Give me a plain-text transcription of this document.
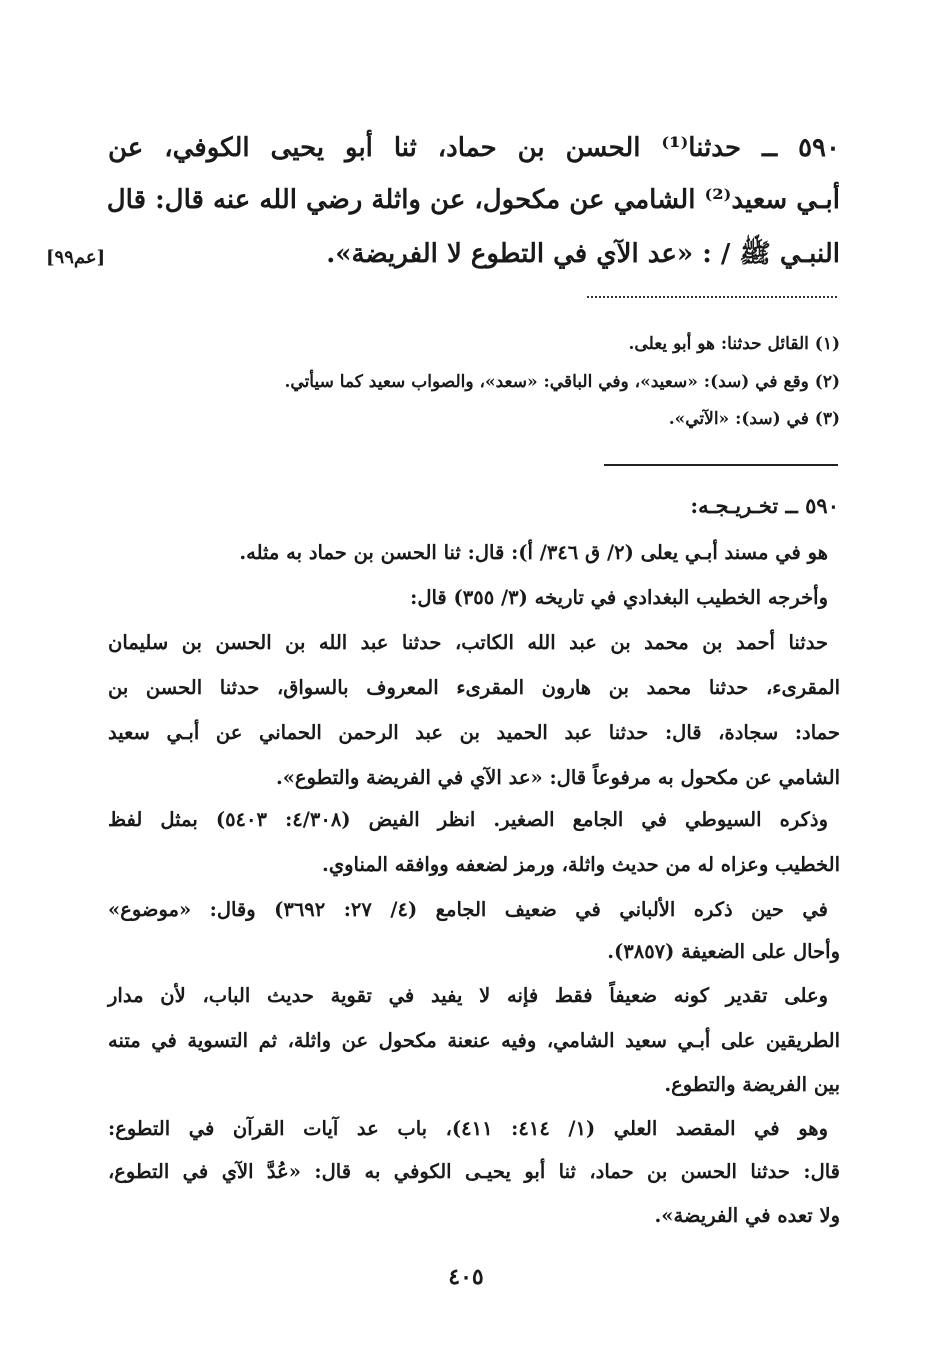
٥٩٠ ــ حدثنا⁽¹⁾ الحسن بن حماد، ثنا أبو يحيى الكوفي، عن
أبـي سعيد⁽²⁾ الشامي عن مكحول، عن واثلة رضي الله عنه قال: قال
النبـي ﷺ / : «عد الآي في التطوع لا الفريضة».
[عم٩٩]
(١) القائل حدثنا: هو أبو يعلى.
(٢) وقع في (سد): «سعيد»، وفي الباقي: «سعد»، والصواب سعيد كما سيأتي.
(٣) في (سد): «الآتي».
٥٩٠ ــ تخـريـجـه:
هو في مسند أبـي يعلى (٢/ ق ٣٤٦/ أ): قال: ثنا الحسن بن حماد به مثله.
وأخرجه الخطيب البغدادي في تاريخه (٣/ ٣٥٥) قال:
حدثنا أحمد بن محمد بن عبد الله الكاتب، حدثنا عبد الله بن الحسن بن سليمان
المقرىء، حدثنا محمد بن هارون المقرىء المعروف بالسواق، حدثنا الحسن بن
حماد: سجادة، قال: حدثنا عبد الحميد بن عبد الرحمن الحماني عن أبـي سعيد
الشامي عن مكحول به مرفوعاً قال: «عد الآي في الفريضة والتطوع».
وذكره السيوطي في الجامع الصغير. انظر الفيض (٤/٣٠٨: ٥٤٠٣) بمثل لفظ
الخطيب وعزاه له من حديث واثلة، ورمز لضعفه ووافقه المناوي.
في حين ذكره الألباني في ضعيف الجامع (٤/ ٢٧: ٣٦٩٢) وقال: «موضوع»
وأحال على الضعيفة (٣٨٥٧).
وعلى تقدير كونه ضعيفاً فقط فإنه لا يفيد في تقوية حديث الباب، لأن مدار
الطريقين على أبـي سعيد الشامي، وفيه عنعنة مكحول عن واثلة، ثم التسوية في متنه
بين الفريضة والتطوع.
وهو في المقصد العلي (١/ ٤١٤: ٤١١)، باب عد آيات القرآن في التطوع:
قال: حدثنا الحسن بن حماد، ثنا أبو يحيـى الكوفي به قال: «عُدَّ الآي في التطوع،
ولا تعده في الفريضة».
٤٠٥
